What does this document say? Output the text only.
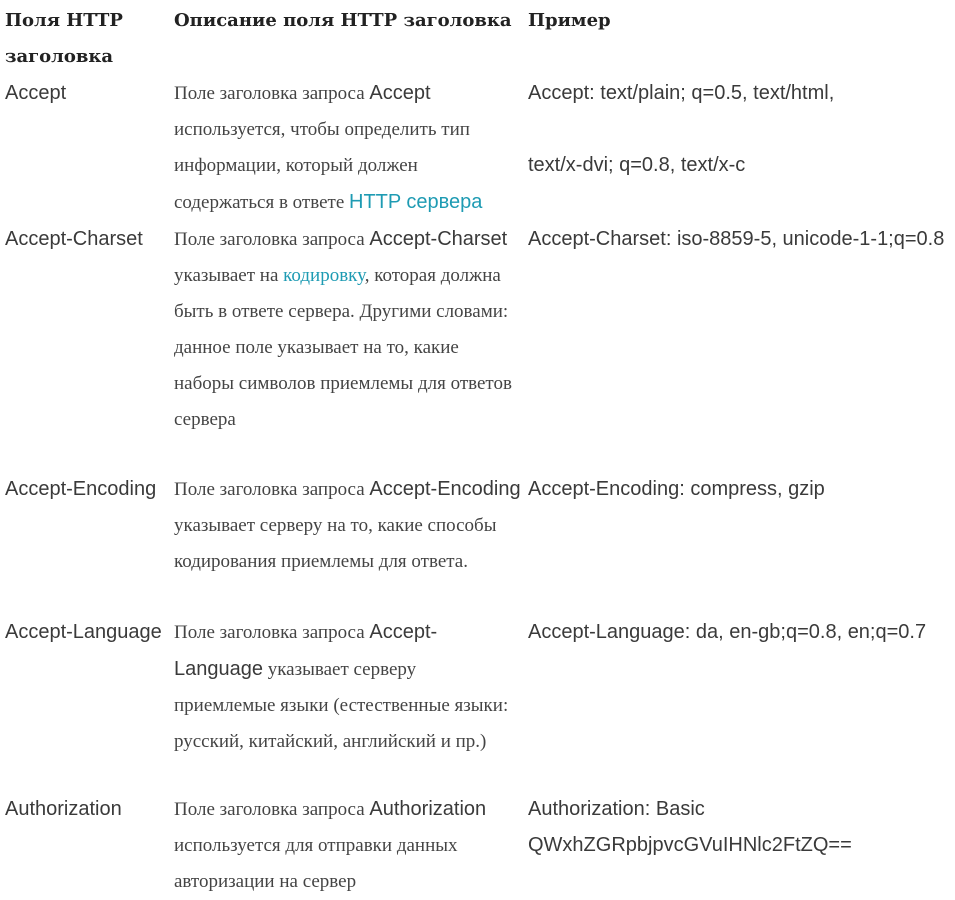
Поля HTTP заголовка	Описание поля HTTP заголовка	Пример
Accept	Поле заголовка запроса Accept используется, чтобы определить тип информации, который должен содержаться в ответе HTTP сервера	Accept: text/plain; q=0.5, text/html,
text/x-dvi; q=0.8, text/x-c

Accept-Charset	Поле заголовка запроса Accept-Charset указывает на кодировку, которая должна быть в ответе сервера. Другими словами: данное поле указывает на то, какие наборы символов приемлемы для ответов сервера	Accept-Charset: iso-8859-5, unicode-1-1;q=0.8
Accept-Encoding	Поле заголовка запроса Accept-Encoding указывает серверу на то, какие способы кодирования приемлемы для ответа.	Accept-Encoding: compress, gzip
Accept-Language	Поле заголовка запроса Accept-Language указывает серверу приемлемые языки (естественные языки: русский, китайский, английский и пр.)	Accept-Language: da, en-gb;q=0.8, en;q=0.7
Authorization	Поле заголовка запроса Authorization используется для отправки данных авторизации на сервер	Authorization: Basic
QWxhZGRpbjpvcGVuIHNlc2FtZQ==
